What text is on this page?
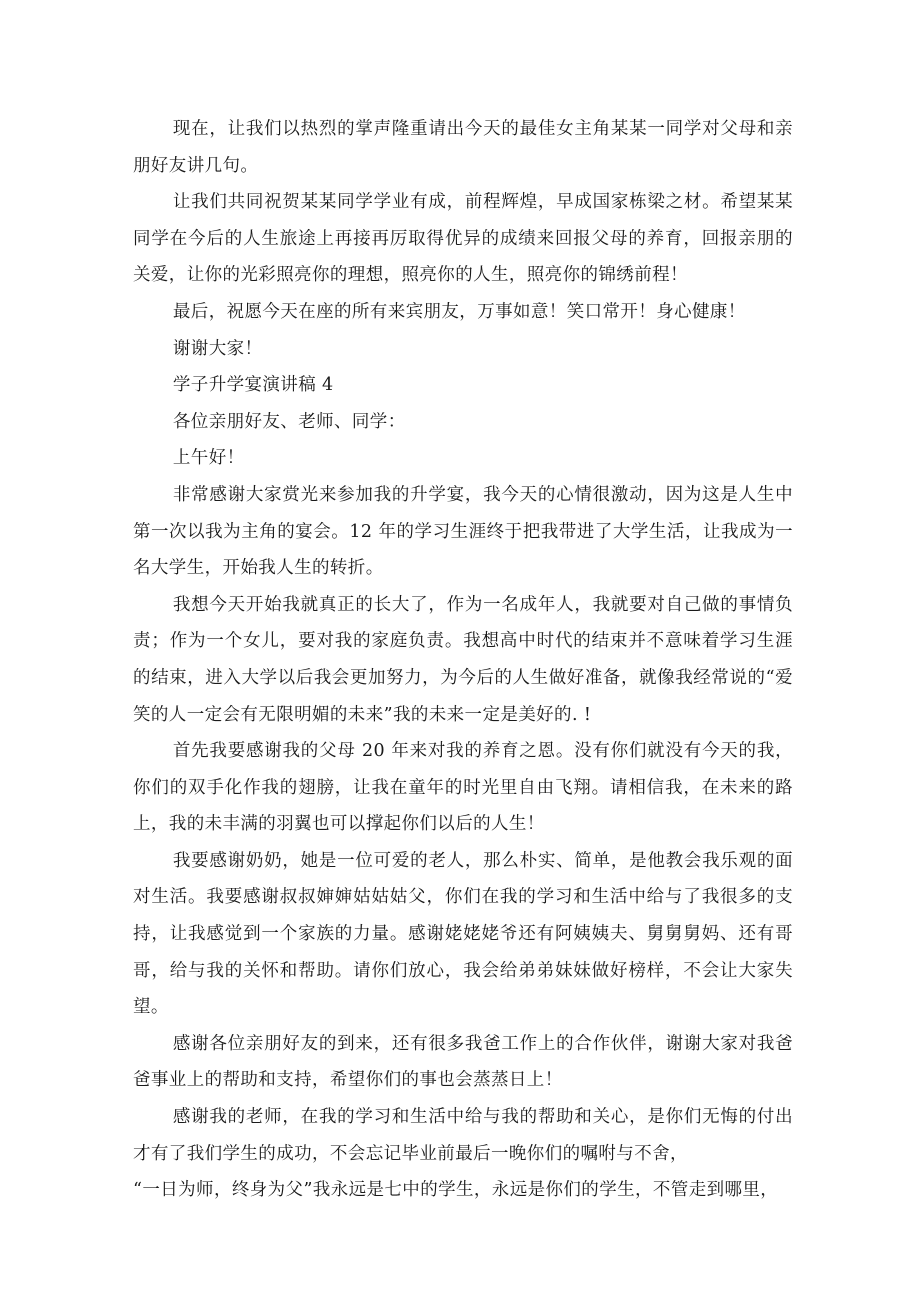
现在，让我们以热烈的掌声隆重请出今天的最佳女主角某某一同学对父母和亲朋好友讲几句。

让我们共同祝贺某某同学学业有成，前程辉煌，早成国家栋梁之材。希望某某同学在今后的人生旅途上再接再厉取得优异的成绩来回报父母的养育，回报亲朋的关爱，让你的光彩照亮你的理想，照亮你的人生，照亮你的锦绣前程！

最后，祝愿今天在座的所有来宾朋友，万事如意！笑口常开！身心健康！

谢谢大家！

学子升学宴演讲稿 4

各位亲朋好友、老师、同学：

上午好！

非常感谢大家赏光来参加我的升学宴，我今天的心情很激动，因为这是人生中第一次以我为主角的宴会。12 年的学习生涯终于把我带进了大学生活，让我成为一名大学生，开始我人生的转折。

我想今天开始我就真正的长大了，作为一名成年人，我就要对自己做的事情负责；作为一个女儿，要对我的家庭负责。我想高中时代的结束并不意味着学习生涯的结束，进入大学以后我会更加努力，为今后的人生做好准备，就像我经常说的“爱笑的人一定会有无限明媚的未来”我的未来一定是美好的. !

首先我要感谢我的父母 20 年来对我的养育之恩。没有你们就没有今天的我，你们的双手化作我的翅膀，让我在童年的时光里自由飞翔。请相信我，在未来的路上，我的未丰满的羽翼也可以撑起你们以后的人生！

我要感谢奶奶，她是一位可爱的老人，那么朴实、简单，是他教会我乐观的面对生活。我要感谢叔叔婶婶姑姑姑父，你们在我的学习和生活中给与了我很多的支持，让我感觉到一个家族的力量。感谢姥姥姥爷还有阿姨姨夫、舅舅舅妈、还有哥哥，给与我的关怀和帮助。请你们放心，我会给弟弟妹妹做好榜样，不会让大家失望。

感谢各位亲朋好友的到来，还有很多我爸工作上的合作伙伴，谢谢大家对我爸爸事业上的帮助和支持，希望你们的事也会蒸蒸日上！

感谢我的老师，在我的学习和生活中给与我的帮助和关心，是你们无悔的付出才有了我们学生的成功，不会忘记毕业前最后一晚你们的嘱咐与不舍，

“一日为师，终身为父”我永远是七中的学生，永远是你们的学生，不管走到哪里，
